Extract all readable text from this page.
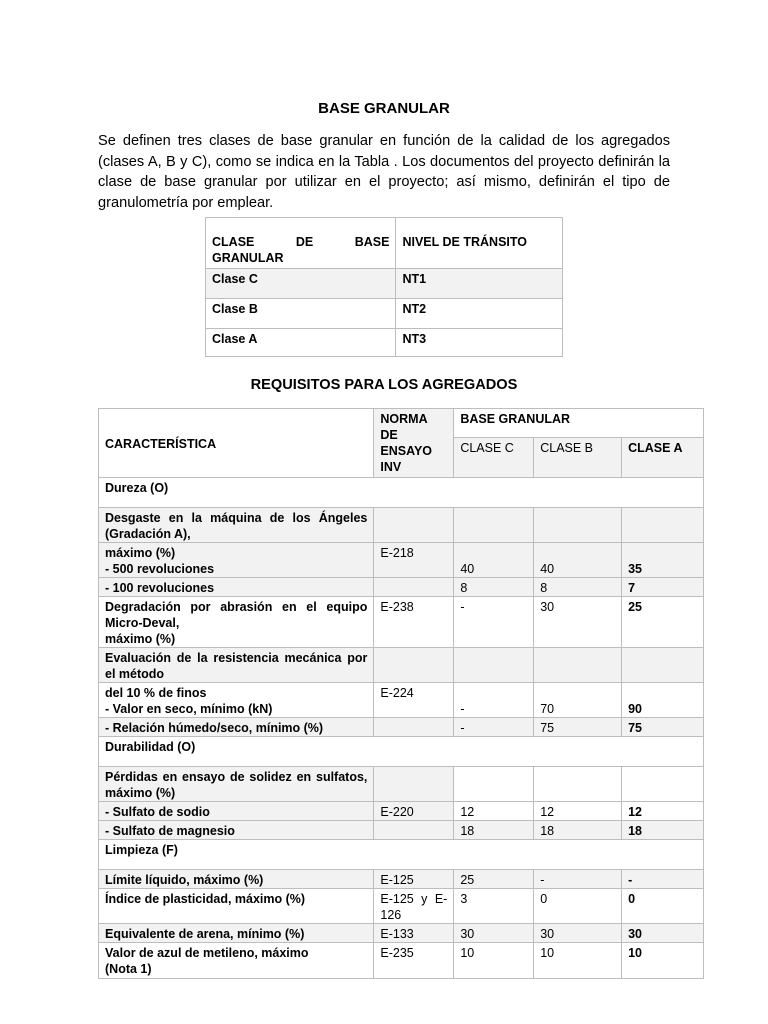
BASE GRANULAR

Se definen tres clases de base granular en función de la calidad de los agregados (clases A, B y C), como se indica en la Tabla . Los documentos del proyecto definirán la clase de base granular por utilizar en el proyecto; así mismo, definirán el tipo de granulometría por emplear.

CLASE DE BASE
GRANULAR	NIVEL DE TRÁNSITO
Clase C	NT1
Clase B	NT2
Clase A	NT3
REQUISITOS PARA LOS AGREGADOS
CARACTERÍSTICA	NORMA DE ENSAYO INV	BASE GRANULAR		
		CLASE C	CLASE B	CLASE A
Dureza (O)				
Desgaste en la máquina de los Ángeles (Gradación A),				

máximo (%)
- 500 revoluciones	E-218	40	40	35
- 100 revoluciones		8	8	7

Degradación por abrasión en el equipo Micro-Deval,
máximo (%)	E-238	-	30	25
Evaluación de la resistencia mecánica por el método				

del 10 % de finos
- Valor en seco, mínimo (kN)	E-224	-	70	90
- Relación húmedo/seco, mínimo (%)		-	75	75
Durabilidad (O)				
Pérdidas en ensayo de solidez en sulfatos, máximo (%)				
- Sulfato de sodio	E-220	12	12	12
- Sulfato de magnesio		18	18	18
Limpieza (F)				
Límite líquido, máximo (%)	E-125	25	-	-
Índice de plasticidad, máximo (%)	E-125 y E-126	3	0	0
Equivalente de arena, mínimo (%)	E-133	30	30	30

Valor de azul de metileno, máximo
(Nota 1)	E-235	10	10	10
